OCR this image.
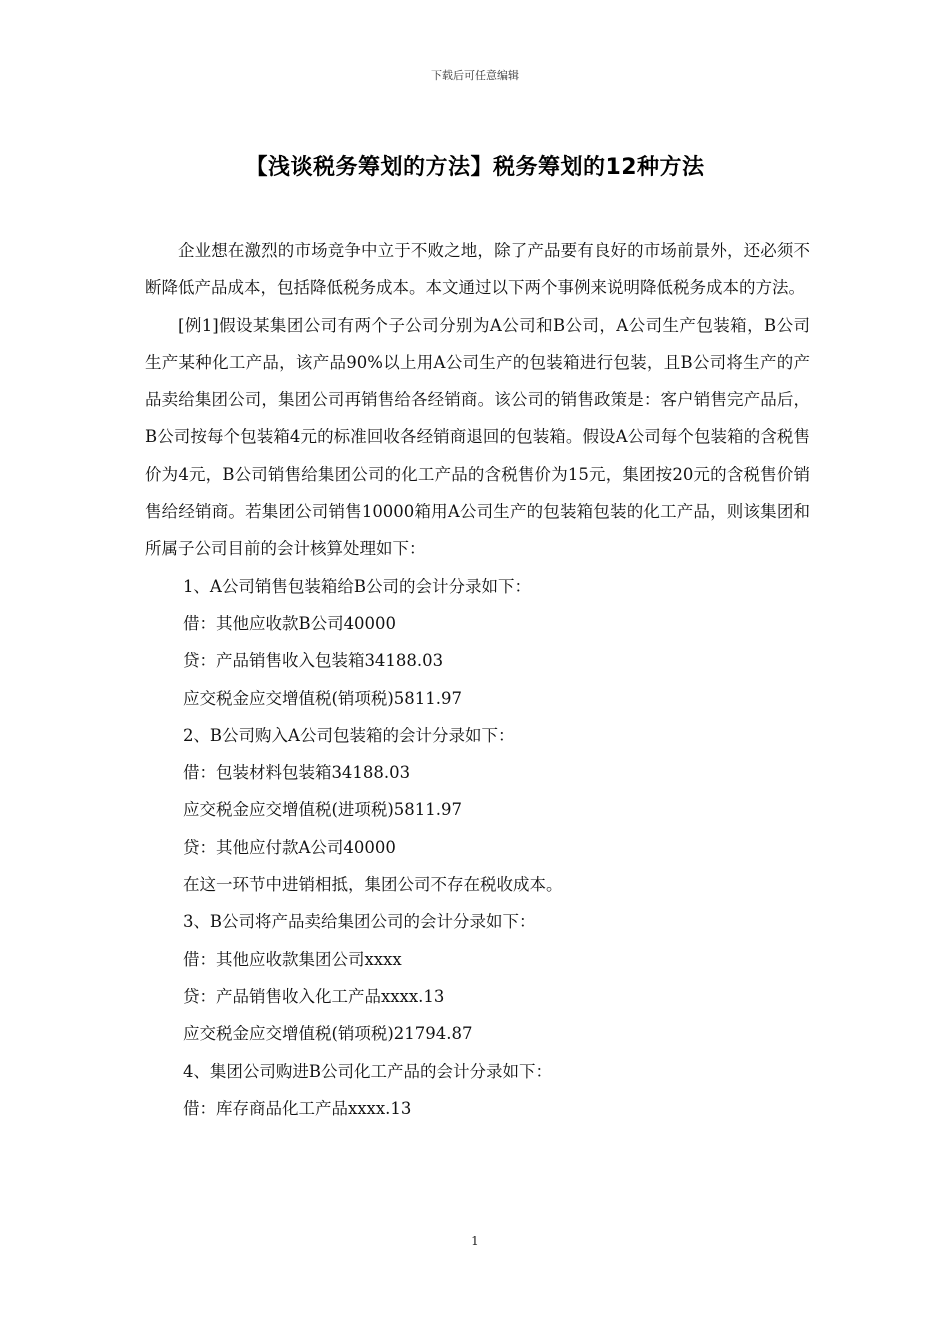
下载后可任意编辑
【浅谈税务筹划的方法】税务筹划的12种方法

企业想在激烈的市场竞争中立于不败之地，除了产品要有良好的市场前景外，还必须不断降低产品成本，包括降低税务成本。本文通过以下两个事例来说明降低税务成本的方法。

[例1]假设某集团公司有两个子公司分别为A公司和B公司，A公司生产包装箱，B公司生产某种化工产品，该产品90%以上用A公司生产的包装箱进行包装，且B公司将生产的产品卖给集团公司，集团公司再销售给各经销商。该公司的销售政策是：客户销售完产品后，B公司按每个包装箱4元的标准回收各经销商退回的包装箱。假设A公司每个包装箱的含税售价为4元，B公司销售给集团公司的化工产品的含税售价为15元，集团按20元的含税售价销售给经销商。若集团公司销售10000箱用A公司生产的包装箱包装的化工产品，则该集团和所属子公司目前的会计核算处理如下：

1、A公司销售包装箱给B公司的会计分录如下：

借：其他应收款B公司40000

贷：产品销售收入包装箱34188.03

应交税金应交增值税(销项税)5811.97

2、B公司购入A公司包装箱的会计分录如下：

借：包装材料包装箱34188.03

应交税金应交增值税(进项税)5811.97

贷：其他应付款A公司40000

在这一环节中进销相抵，集团公司不存在税收成本。

3、B公司将产品卖给集团公司的会计分录如下：

借：其他应收款集团公司xxxx

贷：产品销售收入化工产品xxxx.13

应交税金应交增值税(销项税)21794.87

4、集团公司购进B公司化工产品的会计分录如下：

借：库存商品化工产品xxxx.13

1
